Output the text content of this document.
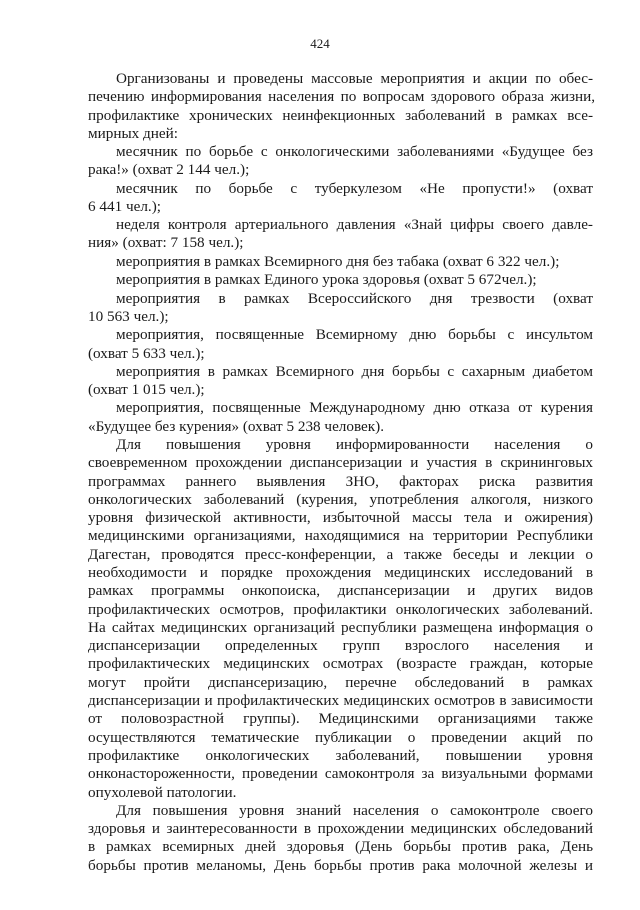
424
Организованы и проведены массовые мероприятия и акции по обес-
печению информирования населения по вопросам здорового образа жизни,
профилактике хронических неинфекционных заболеваний в рамках все-
мирных дней:
месячник по борьбе с онкологическими заболеваниями «Будущее без
рака!» (охват 2 144 чел.);
месячник по борьбе с туберкулезом «Не пропусти!» (охват
6 441 чел.);
неделя контроля артериального давления «Знай цифры своего давле-
ния» (охват: 7 158 чел.);
мероприятия в рамках Всемирного дня без табака (охват 6 322 чел.);
мероприятия в рамках Единого урока здоровья (охват 5 672чел.);
мероприятия в рамках Всероссийского дня трезвости (охват
10 563 чел.);
мероприятия, посвященные Всемирному дню борьбы с инсультом
(охват 5 633 чел.);
мероприятия в рамках Всемирного дня борьбы с сахарным диабетом
(охват 1 015 чел.);
мероприятия, посвященные Международному дню отказа от курения
«Будущее без курения» (охват 5 238 человек).
Для повышения уровня информированности населения о
своевременном прохождении диспансеризации и участия в скрининговых
программах раннего выявления ЗНО, факторах риска развития
онкологических заболеваний (курения, употребления алкоголя, низкого
уровня физической активности, избыточной массы тела и ожирения)
медицинскими организациями, находящимися на территории Республики
Дагестан, проводятся пресс-конференции, а также беседы и лекции о
необходимости и порядке прохождения медицинских исследований в
рамках программы онкопоиска, диспансеризации и других видов
профилактических осмотров, профилактики онкологических заболеваний.
На сайтах медицинских организаций республики размещена информация о
диспансеризации определенных групп взрослого населения и
профилактических медицинских осмотрах (возрасте граждан, которые
могут пройти диспансеризацию, перечне обследований в рамках
диспансеризации и профилактических медицинских осмотров в зависимости
от половозрастной группы). Медицинскими организациями также
осуществляются тематические публикации о проведении акций по
профилактике онкологических заболеваний, повышении уровня
онконастороженности, проведении самоконтроля за визуальными формами
опухолевой патологии.
Для повышения уровня знаний населения о самоконтроле своего
здоровья и заинтересованности в прохождении медицинских обследований
в рамках всемирных дней здоровья (День борьбы против рака, День
борьбы против меланомы, День борьбы против рака молочной железы и
